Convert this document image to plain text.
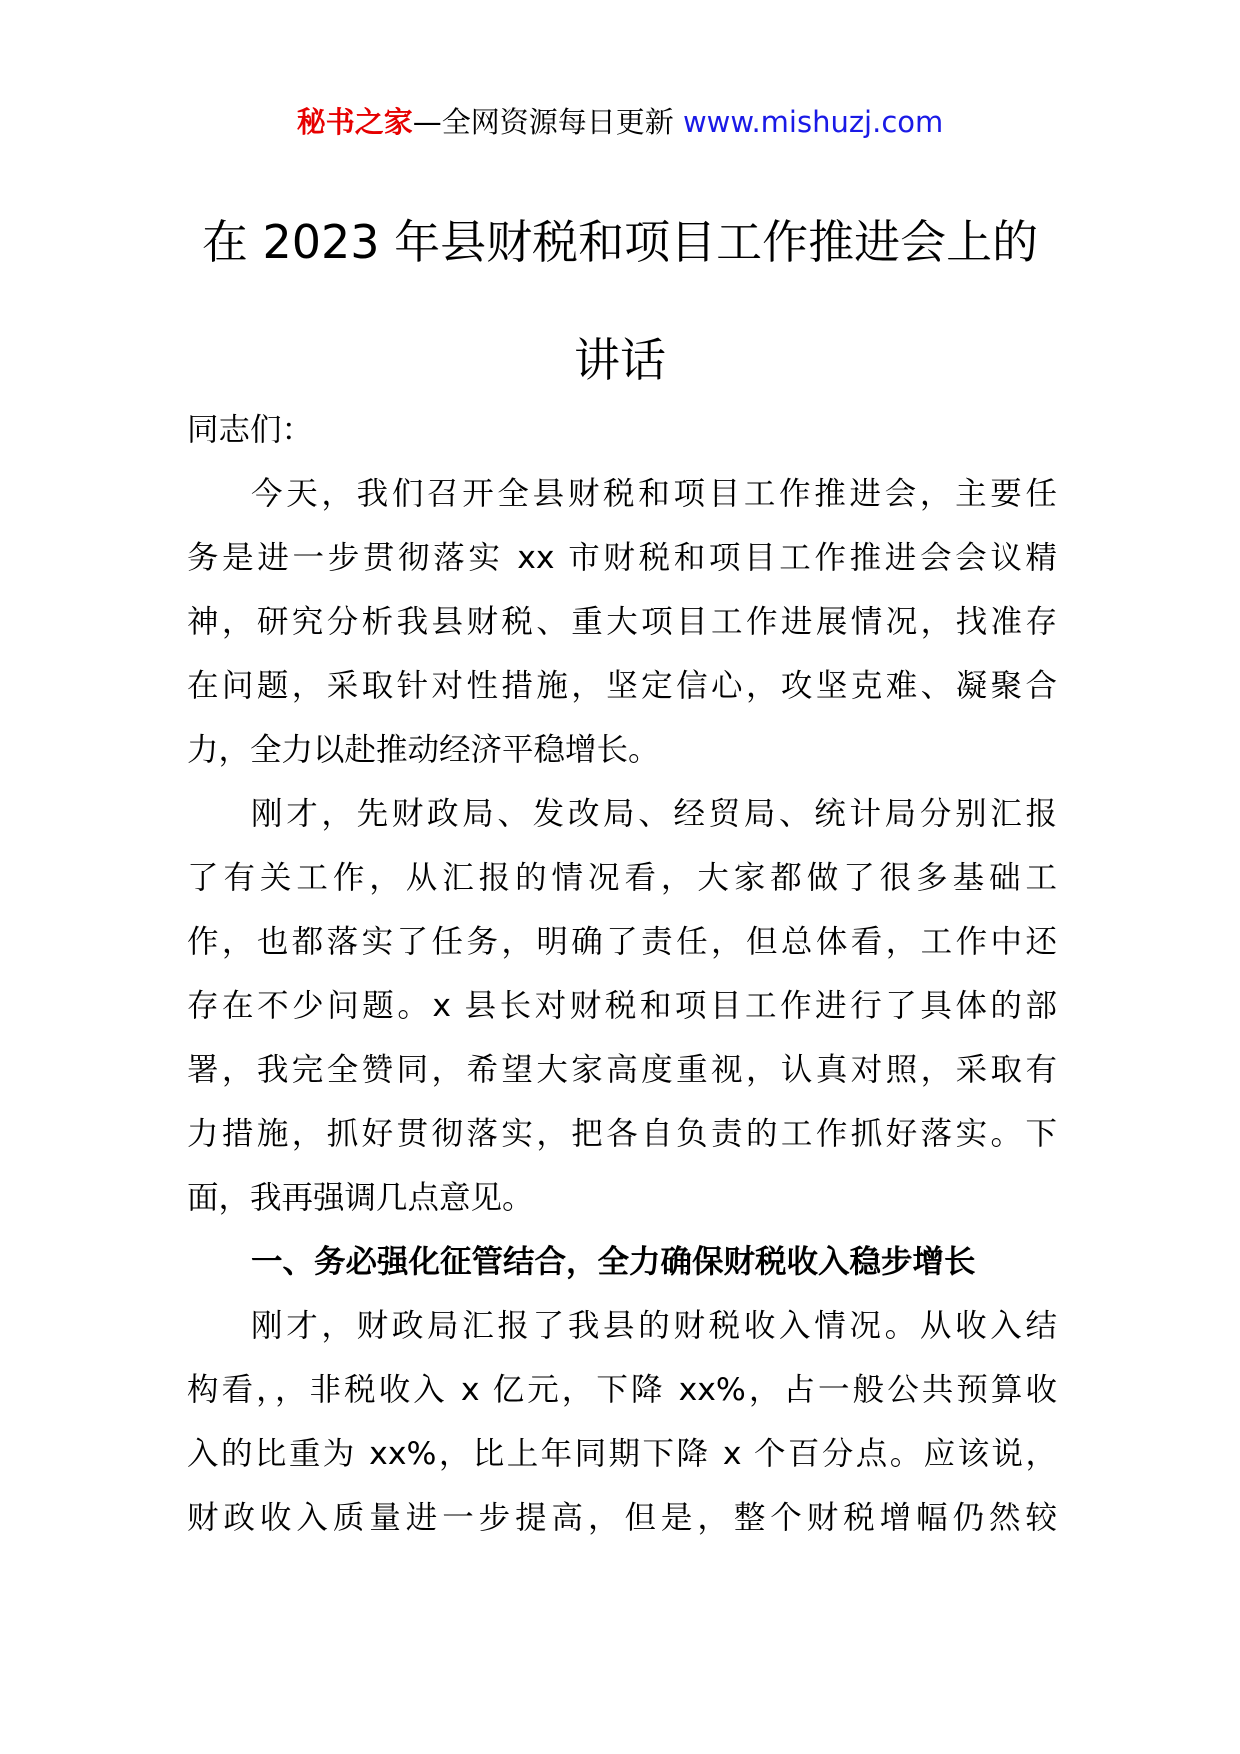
秘书之家—全网资源每日更新 www.mishuzj.com
在 2023 年县财税和项目工作推进会上的
讲话
同志们：
今天，我们召开全县财税和项目工作推进会，主要任
务是进一步贯彻落实 xx 市财税和项目工作推进会会议精
神，研究分析我县财税、重大项目工作进展情况，找准存
在问题，采取针对性措施，坚定信心，攻坚克难、凝聚合
力，全力以赴推动经济平稳增长。
刚才，先财政局、发改局、经贸局、统计局分别汇报
了有关工作，从汇报的情况看，大家都做了很多基础工
作，也都落实了任务，明确了责任，但总体看，工作中还
存在不少问题。x 县长对财税和项目工作进行了具体的部
署，我完全赞同，希望大家高度重视，认真对照，采取有
力措施，抓好贯彻落实，把各自负责的工作抓好落实。下
面，我再强调几点意见。
一、务必强化征管结合，全力确保财税收入稳步增长
刚才，财政局汇报了我县的财税收入情况。从收入结
构看，，非税收入 x 亿元，下降 xx%，占一般公共预算收
入的比重为 xx%，比上年同期下降 x 个百分点。应该说，
财政收入质量进一步提高，但是，整个财税增幅仍然较
